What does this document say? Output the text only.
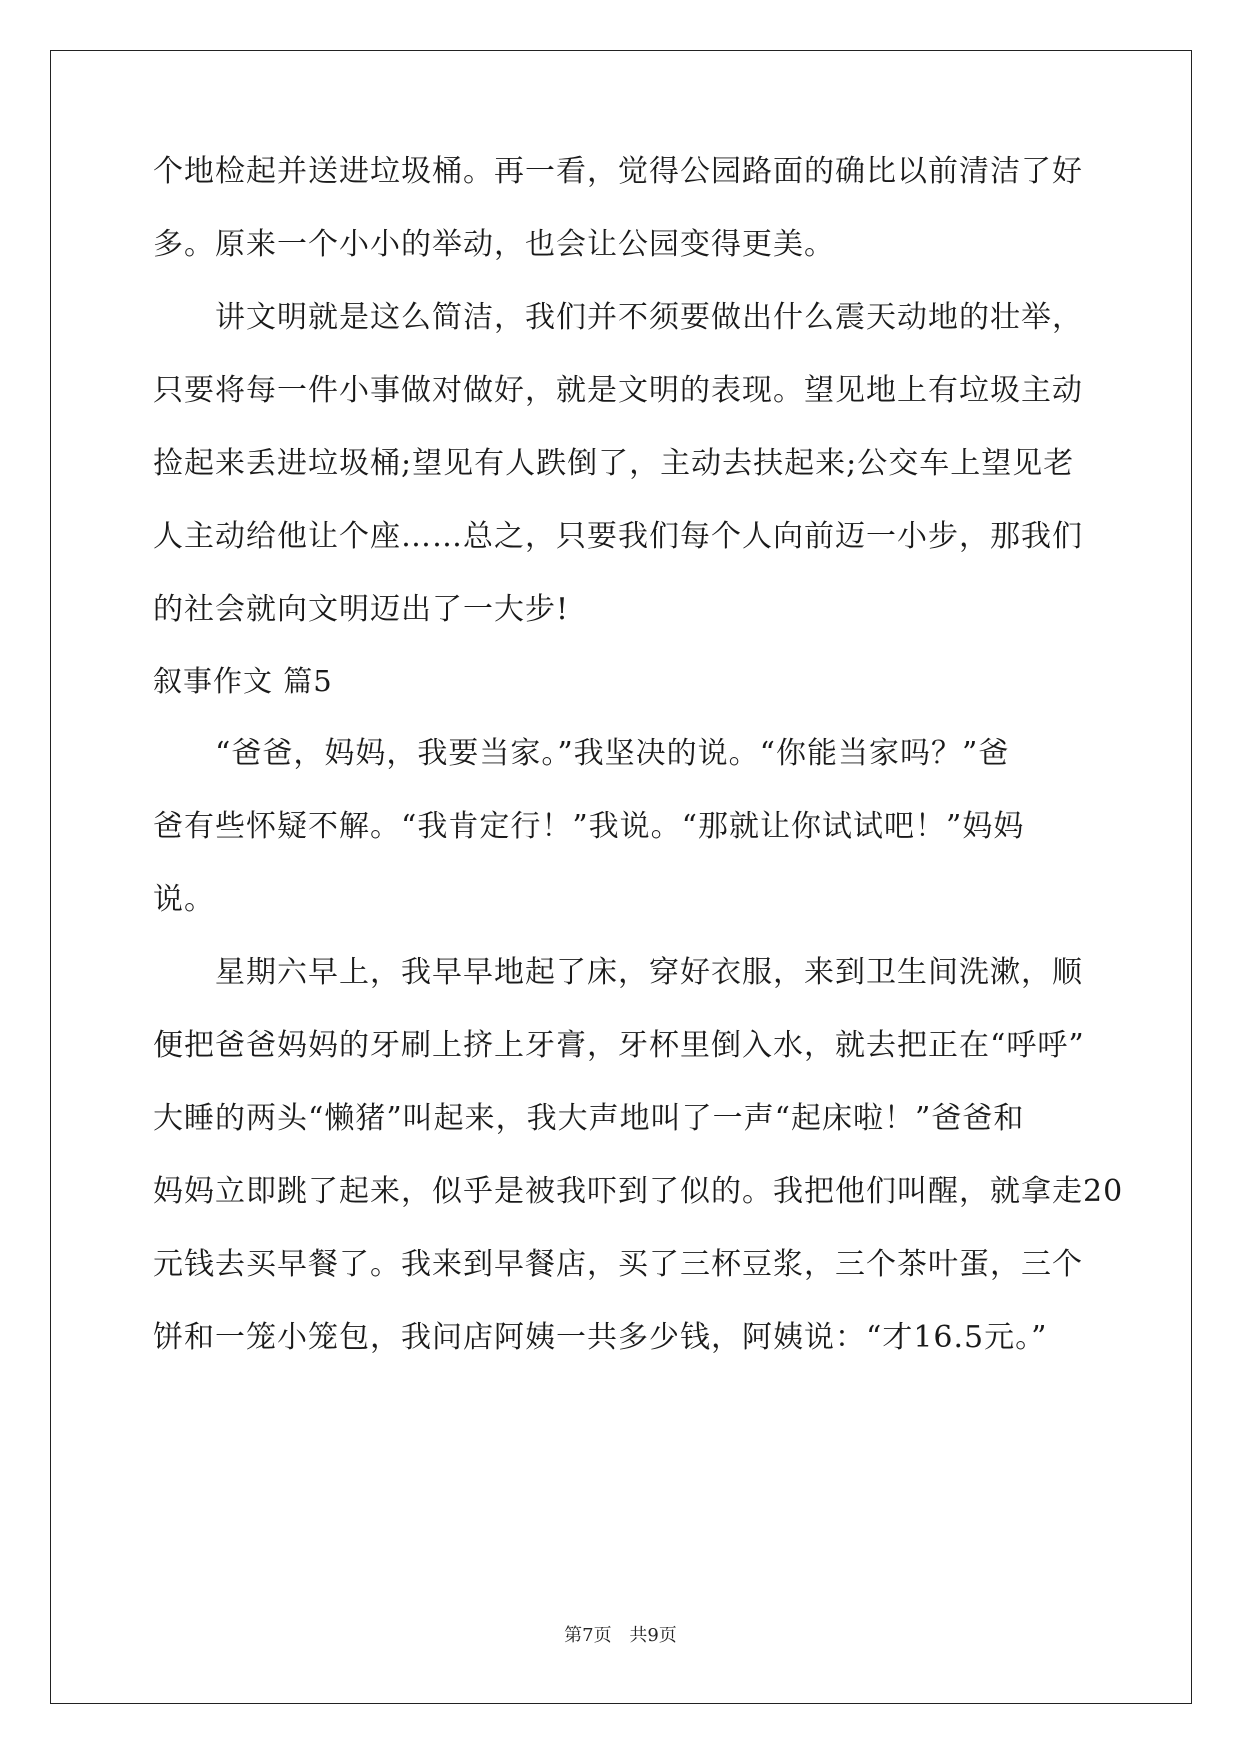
个地检起并送进垃圾桶。再一看，觉得公园路面的确比以前清洁了好
多。原来一个小小的举动，也会让公园变得更美。
　　讲文明就是这么简洁，我们并不须要做出什么震天动地的壮举，
只要将每一件小事做对做好，就是文明的表现。望见地上有垃圾主动
捡起来丢进垃圾桶;望见有人跌倒了，主动去扶起来;公交车上望见老
人主动给他让个座……总之，只要我们每个人向前迈一小步，那我们
的社会就向文明迈出了一大步!
叙事作文 篇5
　　“爸爸，妈妈，我要当家。”我坚决的说。“你能当家吗？”爸
爸有些怀疑不解。“我肯定行！”我说。“那就让你试试吧！”妈妈
说。
　　星期六早上，我早早地起了床，穿好衣服，来到卫生间洗漱，顺
便把爸爸妈妈的牙刷上挤上牙膏，牙杯里倒入水，就去把正在“呼呼”
大睡的两头“懒猪”叫起来，我大声地叫了一声“起床啦！”爸爸和
妈妈立即跳了起来，似乎是被我吓到了似的。我把他们叫醒，就拿走20
元钱去买早餐了。我来到早餐店，买了三杯豆浆，三个茶叶蛋，三个
饼和一笼小笼包，我问店阿姨一共多少钱，阿姨说：“才16.5元。”
第7页 共9页
